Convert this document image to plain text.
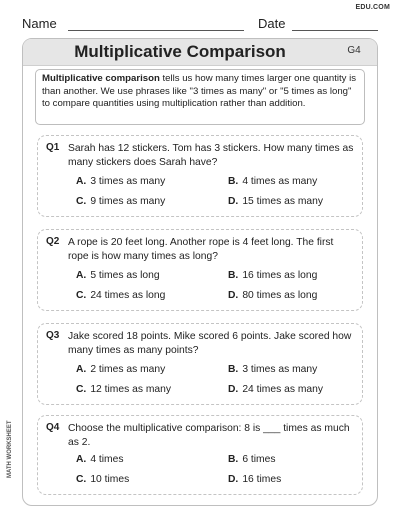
EDU.COM
Name	Date
Multiplicative Comparison	G4
Multiplicative comparison tells us how many times larger one quantity is than another. We use phrases like "3 times as many" or "5 times as long" to compare quantities using multiplication rather than addition.
Q1 Sarah has 12 stickers. Tom has 3 stickers. How many times as many stickers does Sarah have?
A. 3 times as many	B. 4 times as many
C. 9 times as many	D. 15 times as many
Q2 A rope is 20 feet long. Another rope is 4 feet long. The first rope is how many times as long?
A. 5 times as long	B. 16 times as long
C. 24 times as long	D. 80 times as long
Q3 Jake scored 18 points. Mike scored 6 points. Jake scored how many times as many points?
A. 2 times as many	B. 3 times as many
C. 12 times as many	D. 24 times as many
Q4 Choose the multiplicative comparison: 8 is ___ times as much as 2.
A. 4 times	B. 6 times
C. 10 times	D. 16 times
MATH WORKSHEET
